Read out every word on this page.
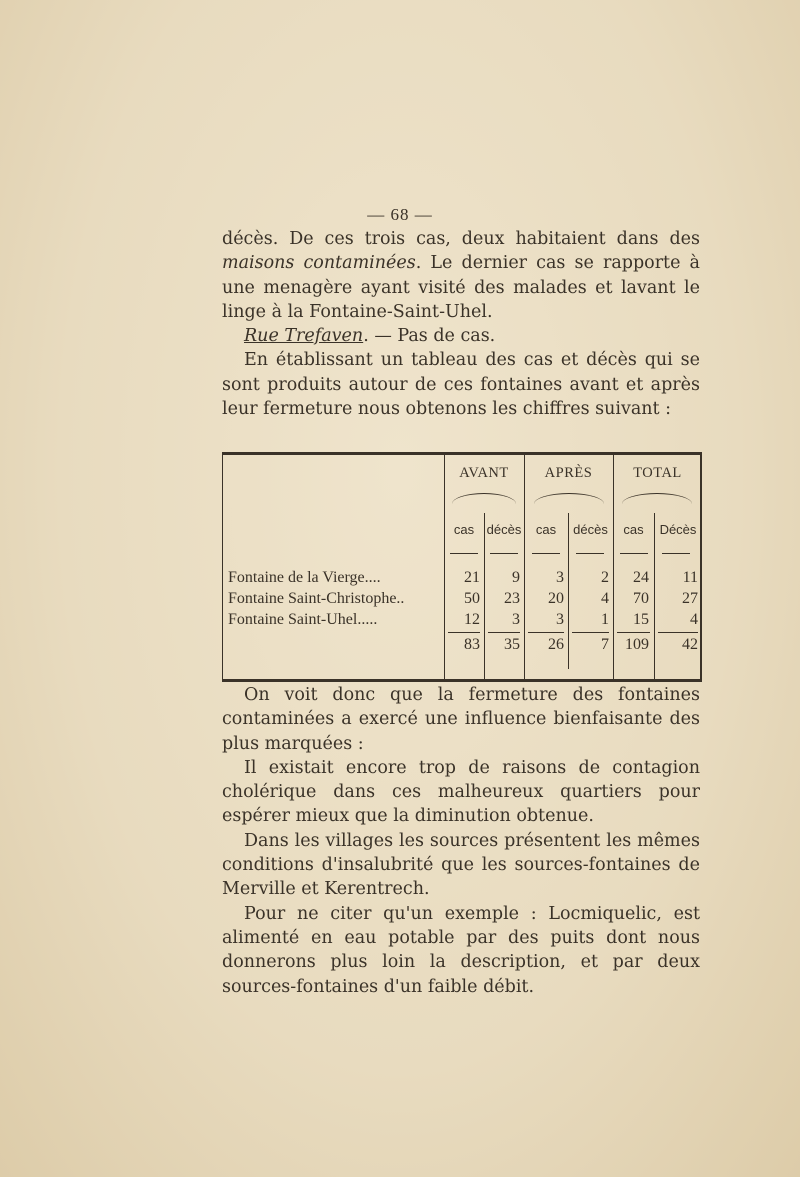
— 68 —

décès. De ces trois cas, deux habitaient dans des maisons contaminées. Le dernier cas se rapporte à une menagère ayant visité des malades et lavant le linge à la Fontaine-Saint-Uhel.

Rue Trefaven. — Pas de cas.

En établissant un tableau des cas et décès qui se sont produits autour de ces fontaines avant et après leur fermeture nous obtenons les chiffres suivant :

AVANT	APRÈS	TOTAL
cas décès	cas	décès	cas	Décès
Fontaine de la Vierge....	21	9	3	2	24	11
Fontaine Saint-Christophe..	50	23	20	4	70	27
Fontaine Saint-Uhel.....	12	3	3	1	15	4
83	35	26	7	109	42

On voit donc que la fermeture des fontaines contaminées a exercé une influence bienfaisante des plus marquées :

Il existait encore trop de raisons de contagion cholérique dans ces malheureux quartiers pour espérer mieux que la diminution obtenue.

Dans les villages les sources présentent les mêmes conditions d'insalubrité que les sources-fontaines de Merville et Kerentrech.

Pour ne citer qu'un exemple : Locmiquelic, est alimenté en eau potable par des puits dont nous donnerons plus loin la description, et par deux sources-fontaines d'un faible débit.
